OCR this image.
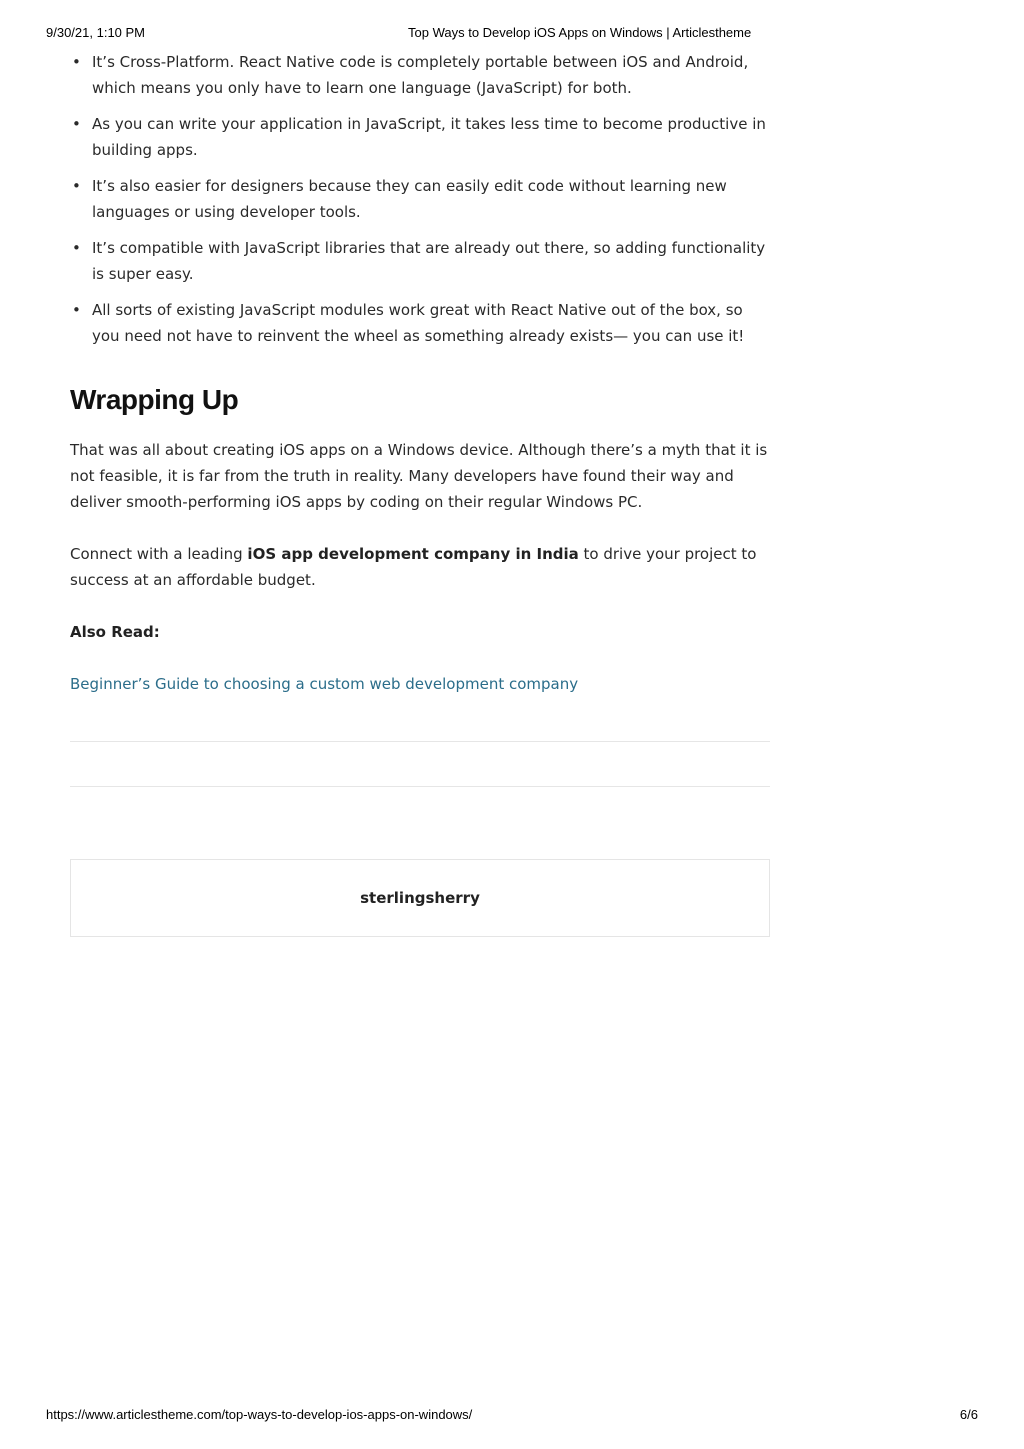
9/30/21, 1:10 PM	Top Ways to Develop iOS Apps on Windows | Articlestheme
• It’s Cross-Platform. React Native code is completely portable between iOS and Android, which means you only have to learn one language (JavaScript) for both.
• As you can write your application in JavaScript, it takes less time to become productive in building apps.
• It’s also easier for designers because they can easily edit code without learning new languages or using developer tools.
• It’s compatible with JavaScript libraries that are already out there, so adding functionality is super easy.
• All sorts of existing JavaScript modules work great with React Native out of the box, so you need not have to reinvent the wheel as something already exists— you can use it!
Wrapping Up

That was all about creating iOS apps on a Windows device. Although there’s a myth that it is not feasible, it is far from the truth in reality. Many developers have found their way and deliver smooth-performing iOS apps by coding on their regular Windows PC.

Connect with a leading iOS app development company in India to drive your project to success at an affordable budget.

Also Read:

Beginner’s Guide to choosing a custom web development company
sterlingsherry
https://www.articlestheme.com/top-ways-to-develop-ios-apps-on-windows/	6/6
